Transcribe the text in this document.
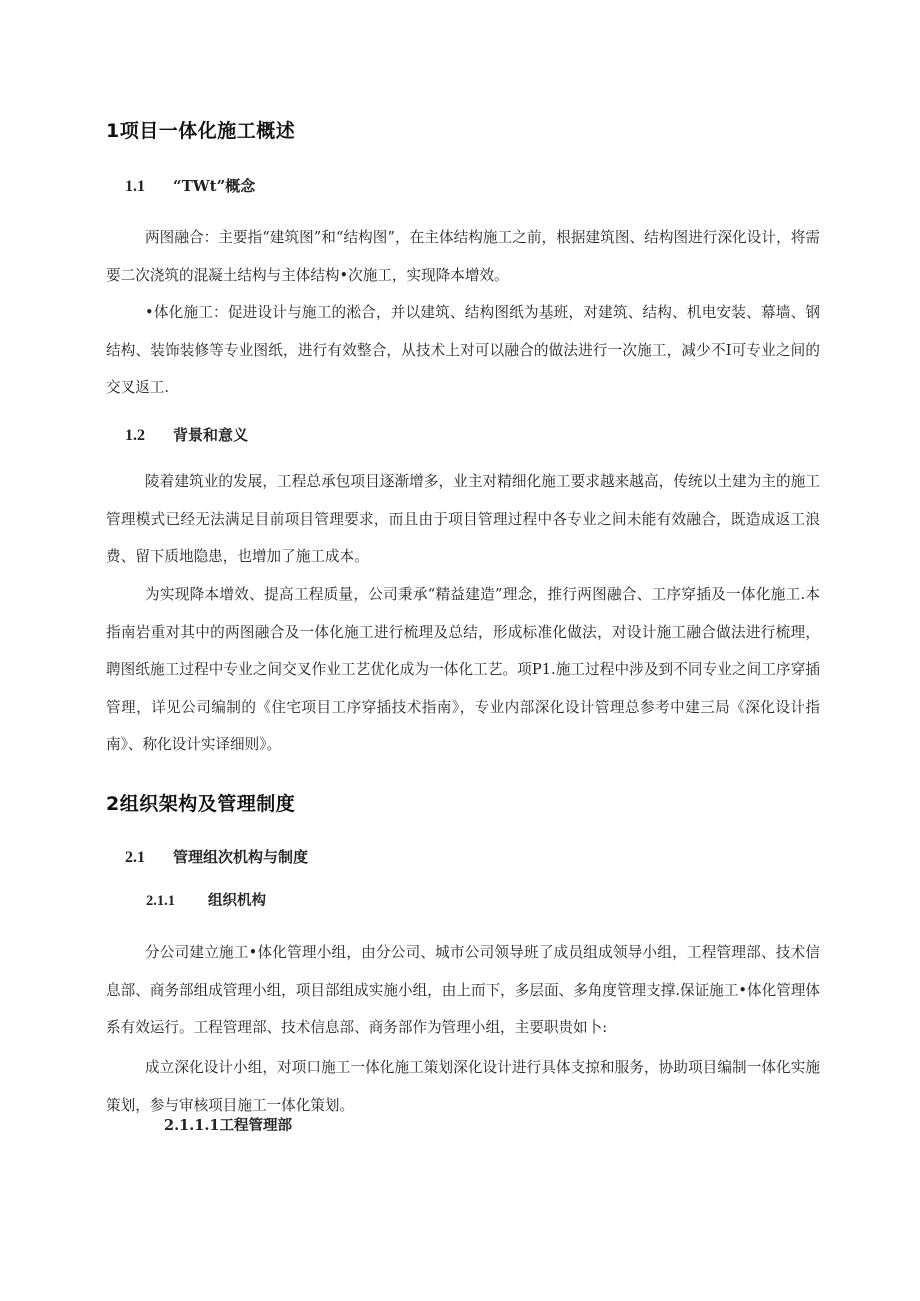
1项目一体化施工概述
1.1 “TWt”概念

两图融合：主要指“建筑图”和“结构图”，在主体结构施工之前，根据建筑图、结构图进行深化设计，将需要二次浇筑的混凝土结构与主体结构•次施工，实现降本增效。

•体化施工：促进设计与施工的淞合，并以建筑、结构图纸为基班，对建筑、结构、机电安装、幕墙、钢结构、装饰装修等专业图纸，进行有效整合，从技术上对可以融合的做法进行一次施工，减少不I可专业之间的交叉返工.

1.2 背景和意义

陵着建筑业的发展，工程总承包项目逐渐增多，业主对精细化施工要求越来越高，传统以土建为主的施工管理模式已经无法满足目前项目管理要求，而且由于项目管理过程中各专业之间未能有效融合，既造成返工浪费、留下质地隐患，也增加了施工成本。

为实现降本增效、提高工程质量，公司秉承“精益建造”理念，推行两图融合、工序穿插及一体化施工.本指南岩重对其中的两图融合及一体化施工进行梳理及总结，形成标准化做法，对设计施工融合做法进行梳理，聘图纸施工过程中专业之间交叉作业工艺优化成为一体化工艺。项P1.施工过程中涉及到不同专业之间工序穿插管理，详见公司编制的《住宅项目工序穿插技术指南》，专业内部深化设计管理总参考中建三局《深化设计指南》、称化设计实译细则》。

2组织架构及管理制度
2.1 管理组次机构与制度
2.1.1 组织机构

分公司建立施工•体化管理小组，由分公司、城市公司领导班了成员组成领导小组，工程管理部、技术信息部、商务部组成管理小组，项目部组成实施小组，由上而下，多层面、多角度管理支撑.保证施工•体化管理体系有效运行。工程管理部、技术信息部、商务部作为管理小组，主要职贵如卜:

成立深化设计小组，对项口施工一体化施工策划深化设计进行具体支掠和服务，协助项目编制一体化实施策划，参与审核项目施工一体化策划。

2.1.1.1工程管理部
